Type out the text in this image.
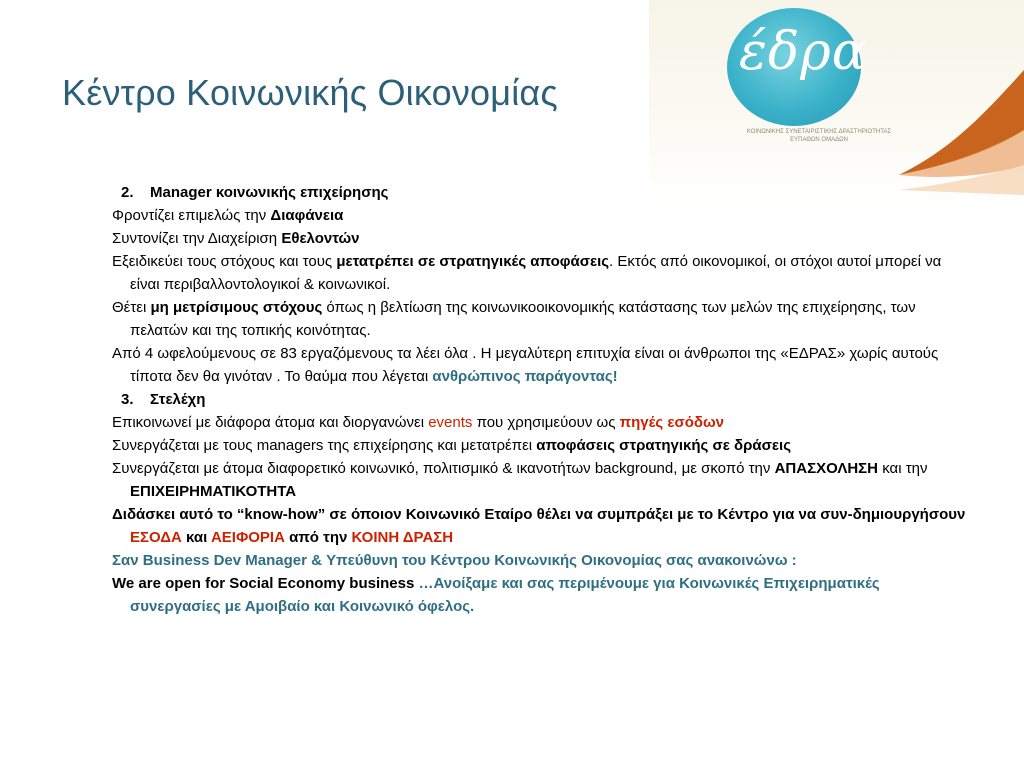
Κέντρο Κοινωνικής Οικονομίας
έδρα
ΚΟΙΝΩΝΙΚΗΣ ΣΥΝΕΤΑΙΡΙΣΤΙΚΗΣ ΔΡΑΣΤΗΡΙΟΤΗΤΑΣ ΕΥΠΑΘΩΝ ΟΜΑΔΩΝ

2. Manager κοινωνικής επιχείρησης

Φροντίζει επιμελώς την Διαφάνεια

Συντονίζει την Διαχείριση Εθελοντών

Εξειδικεύει τους στόχους και τους μετατρέπει σε στρατηγικές αποφάσεις. Εκτός από οικονομικοί, οι στόχοι αυτοί μπορεί να είναι περιβαλλοντολογικοί & κοινωνικοί.

Θέτει μη μετρίσιμους στόχους όπως η βελτίωση της κοινωνικοοικονομικής κατάστασης των μελών της επιχείρησης, των πελατών και της τοπικής κοινότητας.

Από 4 ωφελούμενους σε 83 εργαζόμενους τα λέει όλα . Η μεγαλύτερη επιτυχία είναι οι άνθρωποι της «ΕΔΡΑΣ» χωρίς αυτούς τίποτα δεν θα γινόταν . Το θαύμα που λέγεται ανθρώπινος παράγοντας!

3. Στελέχη

Επικοινωνεί με διάφορα άτομα και διοργανώνει events που χρησιμεύουν ως πηγές εσόδων

Συνεργάζεται με τους managers της επιχείρησης και μετατρέπει αποφάσεις στρατηγικής σε δράσεις

Συνεργάζεται με άτομα διαφορετικό κοινωνικό, πολιτισμικό & ικανοτήτων background, με σκοπό την ΑΠΑΣΧΟΛΗΣΗ και την ΕΠΙΧΕΙΡΗΜΑΤΙΚΟΤΗΤΑ

Διδάσκει αυτό το “know-how” σε όποιον Κοινωνικό Εταίρο θέλει να συμπράξει με το Κέντρο για να συν-δημιουργήσουν ΕΣΟΔΑ και ΑΕΙΦΟΡΙΑ από την ΚΟΙΝΗ ΔΡΑΣΗ

Σαν Business Dev Manager & Υπεύθυνη του Κέντρου Κοινωνικής Οικονομίας σας ανακοινώνω :

We are open for Social Economy business …Ανοίξαμε και σας περιμένουμε για Κοινωνικές Επιχειρηματικές συνεργασίες με Αμοιβαίο και Κοινωνικό όφελος.
